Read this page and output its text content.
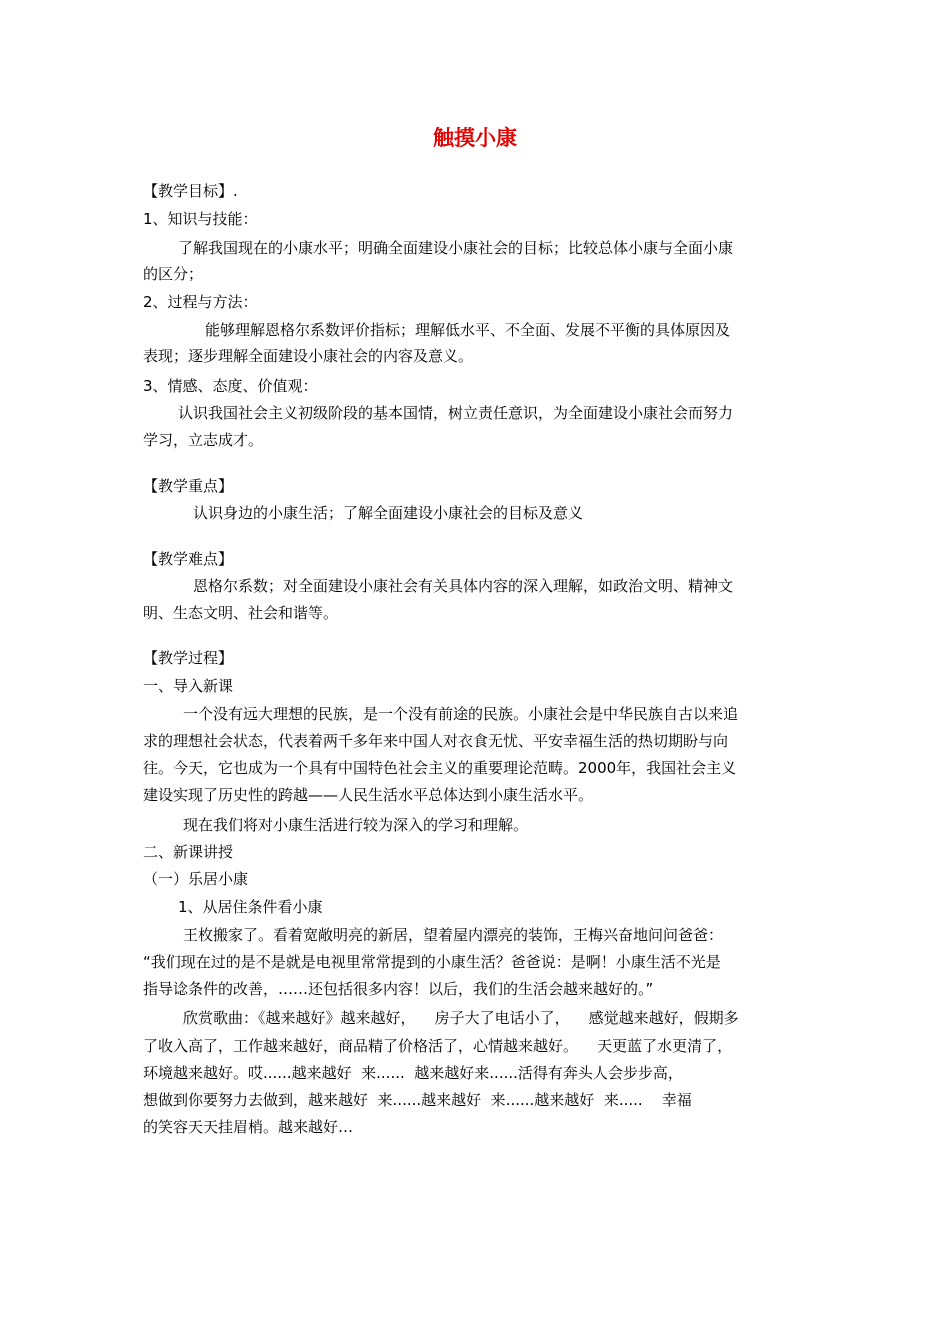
触摸小康
【教学目标】.
1、知识与技能：
了解我国现在的小康水平；明确全面建设小康社会的目标；比较总体小康与全面小康
的区分；
2、过程与方法：
能够理解恩格尔系数评价指标；理解低水平、不全面、发展不平衡的具体原因及
表现；逐步理解全面建设小康社会的内容及意义。
3、情感、态度、价值观：
认识我国社会主义初级阶段的基本国情，树立责任意识，为全面建设小康社会而努力
学习，立志成才。
【教学重点】
认识身边的小康生活；了解全面建设小康社会的目标及意义
【教学难点】
恩格尔系数；对全面建设小康社会有关具体内容的深入理解，如政治文明、精神文
明、生态文明、社会和谐等。
【教学过程】
一、导入新课
一个没有远大理想的民族，是一个没有前途的民族。小康社会是中华民族自古以来追
求的理想社会状态，代表着两千多年来中国人对衣食无忧、平安幸福生活的热切期盼与向
往。今天，它也成为一个具有中国特色社会主义的重要理论范畴。2000年，我国社会主义
建设实现了历史性的跨越——人民生活水平总体达到小康生活水平。
现在我们将对小康生活进行较为深入的学习和理解。
二、新课讲授
（一）乐居小康
1、从居住条件看小康
王枚搬家了。看着宽敞明亮的新居，望着屋内漂亮的装饰，王梅兴奋地问问爸爸：
“我们现在过的是不是就是电视里常常提到的小康生活？爸爸说：是啊！小康生活不光是
指导谂条件的改善，……还包括很多内容！以后，我们的生活会越来越好的。”
欣赏歌曲：《越来越好》越来越好，    房子大了电话小了，    感觉越来越好，假期多
了收入高了，工作越来越好，商品精了价格活了，心情越来越好。    天更蓝了水更清了，
环境越来越好。哎......越来越好  来......  越来越好来......活得有奔头人会步步高，
想做到你要努力去做到，越来越好  来......越来越好  来......越来越好  来.....    幸福
的笑容天天挂眉梢。越来越好…
